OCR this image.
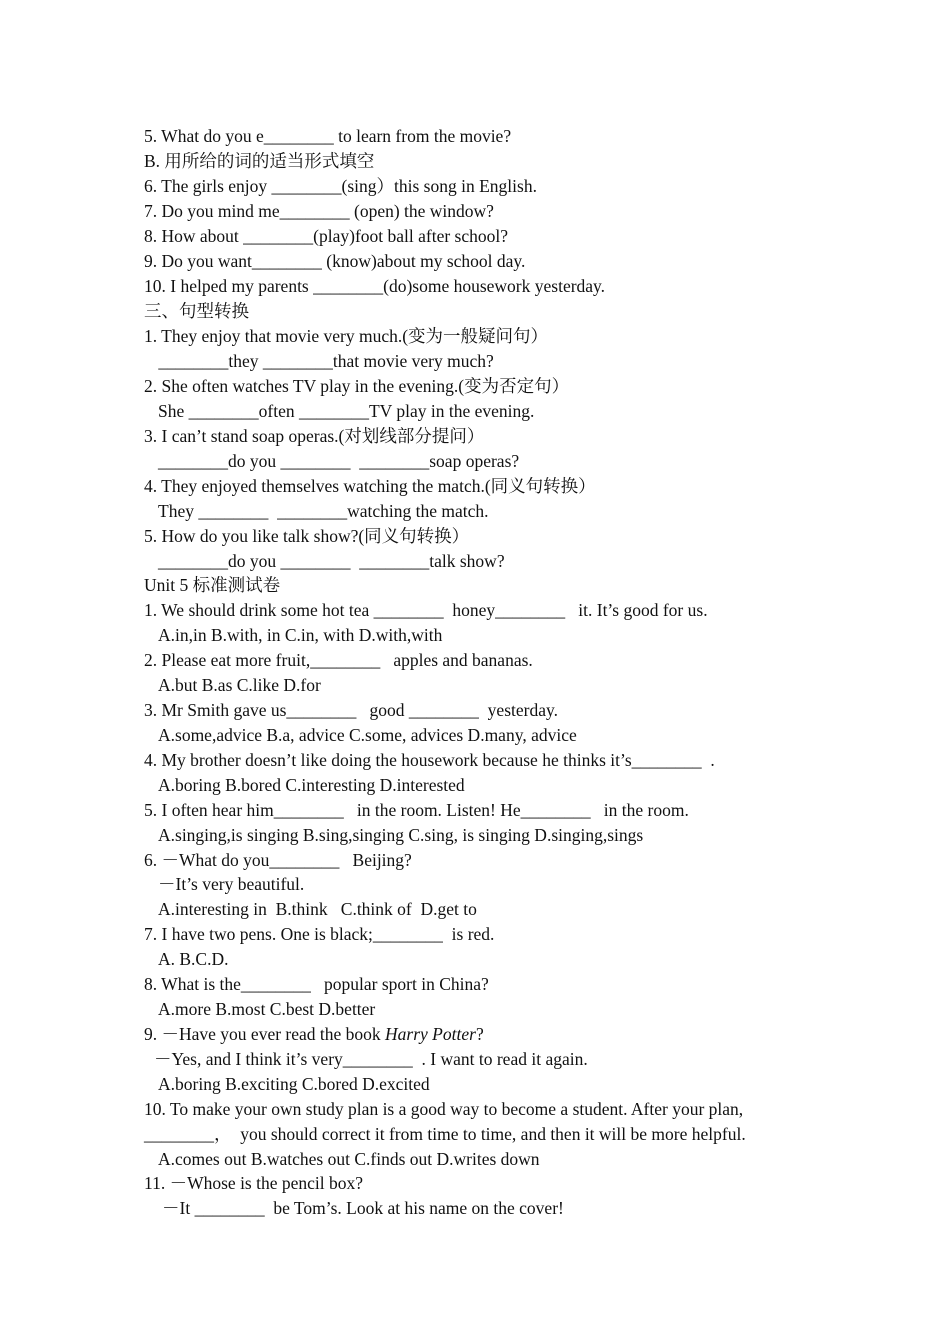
5. What do you e________ to learn from the movie?
B. 用所给的词的适当形式填空
6. The girls enjoy ________(sing）this song in English.
7. Do you mind me________ (open) the window?
8. How about ________(play)foot ball after school?
9. Do you want________ (know)about my school day.
10. I helped my parents ________(do)some housework yesterday.
三、句型转换
1. They enjoy that movie very much.(变为一般疑问句）
________they ________that movie very much?
2. She often watches TV play in the evening.(变为否定句）
She ________often ________TV play in the evening.
3. I can’t stand soap operas.(对划线部分提问）
________do you ________  ________soap operas?
4. They enjoyed themselves watching the match.(同义句转换）
They ________  ________watching the match.
5. How do you like talk show?(同义句转换）
________do you ________  ________talk show?
Unit 5 标准测试卷
1. We should drink some hot tea ________  honey________   it. It’s good for us.
A.in,in B.with, in C.in, with D.with,with
2. Please eat more fruit,________   apples and bananas.
A.but B.as C.like D.for
3. Mr Smith gave us________   good ________  yesterday.
A.some,advice B.a, advice C.some, advices D.many, advice
4. My brother doesn’t like doing the housework because he thinks it’s________  .
A.boring B.bored C.interesting D.interested
5. I often hear him________   in the room. Listen! He________   in the room.
A.singing,is singing B.sing,singing C.sing, is singing D.singing,sings
6. －What do you________   Beijing?
－It’s very beautiful.
A.interesting in  B.think   C.think of  D.get to
7. I have two pens. One is black;________  is red.
A. B.C.D.
8. What is the________   popular sport in China?
A.more B.most C.best D.better
9. －Have you ever read the book Harry Potter?
－Yes, and I think it’s very________  . I want to read it again.
A.boring B.exciting C.bored D.excited
10. To make your own study plan is a good way to become a student. After your plan,
________，  you should correct it from time to time, and then it will be more helpful.
A.comes out B.watches out C.finds out D.writes down
11. －Whose is the pencil box?
－It ________  be Tom’s. Look at his name on the cover!
